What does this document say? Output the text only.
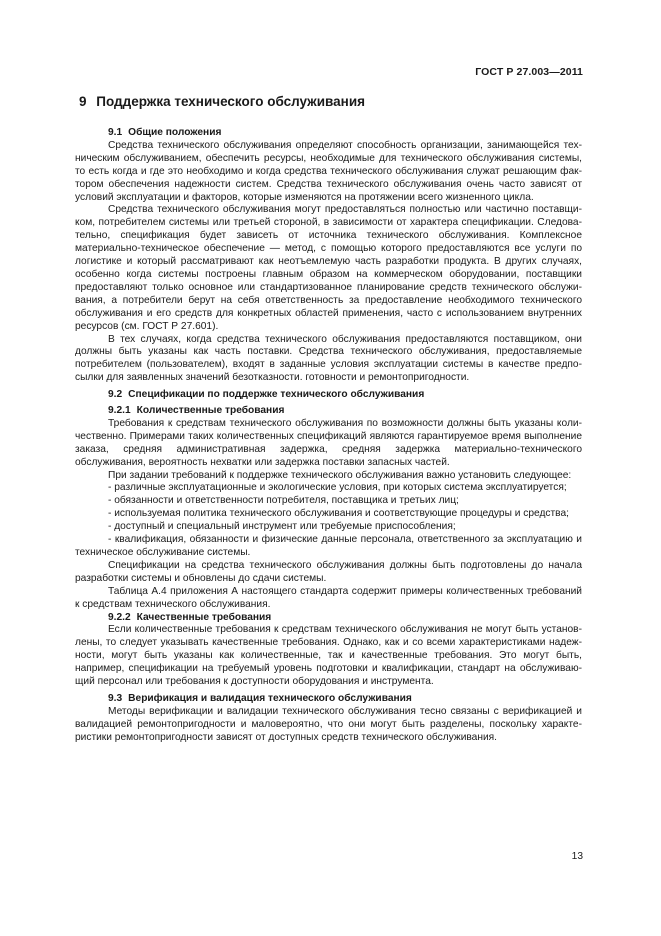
ГОСТ Р 27.003—2011
9 Поддержка технического обслуживания
9.1 Общие положения

Средства технического обслуживания определяют способность организации, занимающейся техническим обслуживанием, обеспечить ресурсы, необходимые для технического обслуживания системы, то есть когда и где это необходимо и когда средства технического обслуживания служат решающим фактором обеспечения надежности систем. Средства технического обслуживания очень часто зависят от условий эксплуатации и факторов, которые изменяются на протяжении всего жизненного цикла.

Средства технического обслуживания могут предоставляться полностью или частично поставщиком, потребителем системы или третьей стороной, в зависимости от характера спецификации. Следовательно, спецификация будет зависеть от источника технического обслуживания. Комплексное материально-техническое обеспечение — метод, с помощью которого предоставляются все услуги по логистике и который рассматривают как неотъемлемую часть разработки продукта. В других случаях, особенно когда системы построены главным образом на коммерческом оборудовании, поставщики предоставляют только основное или стандартизованное планирование средств технического обслуживания, а потребители берут на себя ответственность за предоставление необходимого технического обслуживания и его средств для конкретных областей применения, часто с использованием внутренних ресурсов (см. ГОСТ Р 27.601).

В тех случаях, когда средства технического обслуживания предоставляются поставщиком, они должны быть указаны как часть поставки. Средства технического обслуживания, предоставляемые потребителем (пользователем), входят в заданные условия эксплуатации системы в качестве предпосылки для заявленных значений безотказности. готовности и ремонтопригодности.

9.2 Спецификации по поддержке технического обслуживания
9.2.1 Количественные требования

Требования к средствам технического обслуживания по возможности должны быть указаны количественно. Примерами таких количественных спецификаций являются гарантируемое время выполнение заказа, средняя административная задержка, средняя задержка материально-технического обслуживания, вероятность нехватки или задержка поставки запасных частей.

При задании требований к поддержке технического обслуживания важно установить следующее:

- различные эксплуатационные и экологические условия, при которых система эксплуатируется;

- обязанности и ответственности потребителя, поставщика и третьих лиц;

- используемая политика технического обслуживания и соответствующие процедуры и средства;

- доступный и специальный инструмент или требуемые приспособления;

- квалификация, обязанности и физические данные персонала, ответственного за эксплуатацию и техническое обслуживание системы.

Спецификации на средства технического обслуживания должны быть подготовлены до начала разработки системы и обновлены до сдачи системы.

Таблица А.4 приложения А настоящего стандарта содержит примеры количественных требований к средствам технического обслуживания.

9.2.2 Качественные требования

Если количественные требования к средствам технического обслуживания не могут быть установлены, то следует указывать качественные требования. Однако, как и со всеми характеристиками надежности, могут быть указаны как количественные, так и качественные требования. Это могут быть, например, спецификации на требуемый уровень подготовки и квалификации, стандарт на обслуживающий персонал или требования к доступности оборудования и инструмента.

9.3 Верификация и валидация технического обслуживания

Методы верификации и валидации технического обслуживания тесно связаны с верификацией и валидацией ремонтопригодности и маловероятно, что они могут быть разделены, поскольку характеристики ремонтопригодности зависят от доступных средств технического обслуживания.

13
